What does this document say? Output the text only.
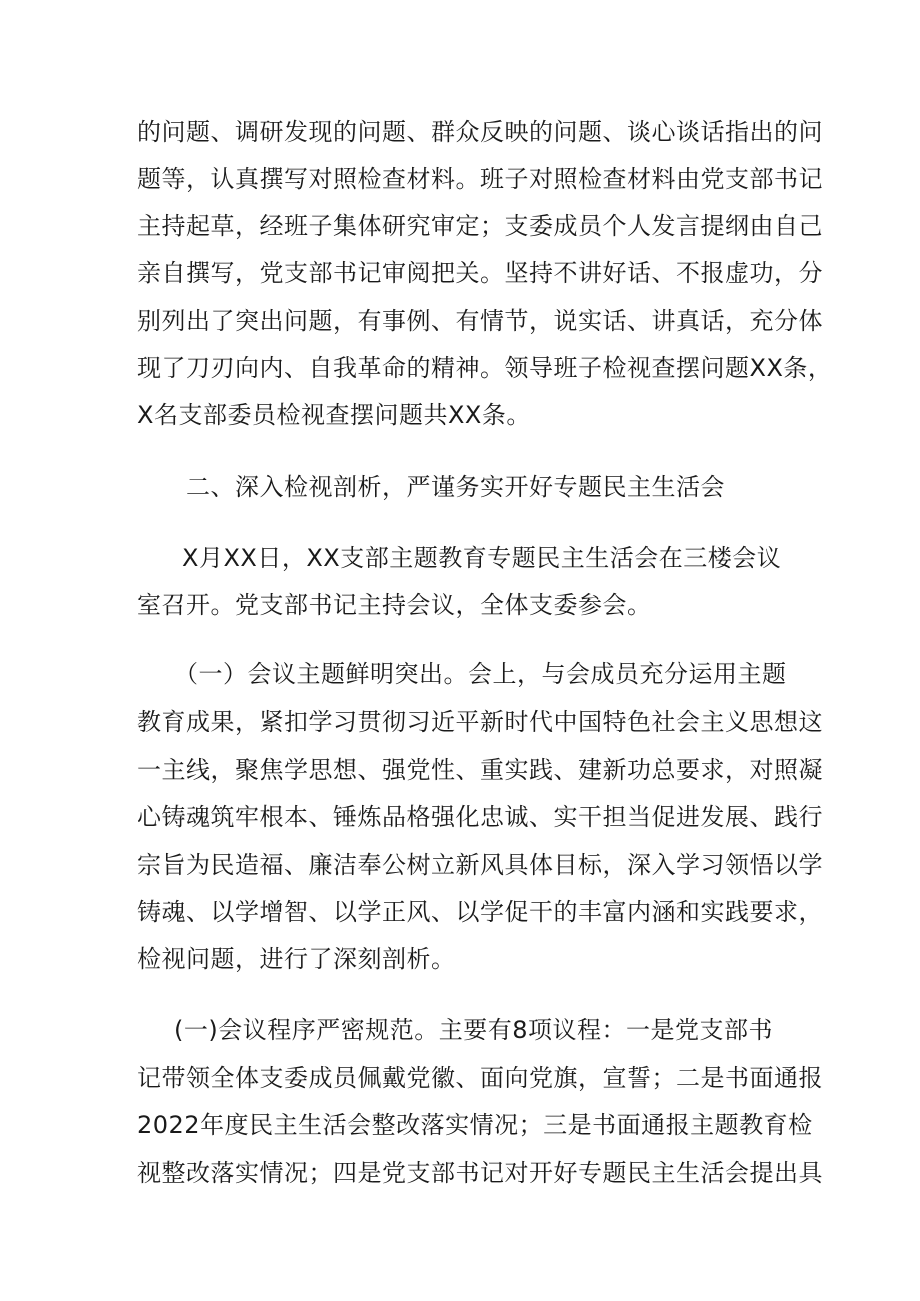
的问题、调研发现的问题、群众反映的问题、谈心谈话指出的问
题等，认真撰写对照检查材料。班子对照检查材料由党支部书记
主持起草，经班子集体研究审定；支委成员个人发言提纲由自己
亲自撰写，党支部书记审阅把关。坚持不讲好话、不报虚功，分
别列出了突出问题，有事例、有情节，说实话、讲真话，充分体
现了刀刃向内、自我革命的精神。领导班子检视查摆问题XX条，
X名支部委员检视查摆问题共XX条。
二、深入检视剖析，严谨务实开好专题民主生活会
X月XX日，XX支部主题教育专题民主生活会在三楼会议
室召开。党支部书记主持会议，全体支委参会。
（一）会议主题鲜明突出。会上，与会成员充分运用主题
教育成果，紧扣学习贯彻习近平新时代中国特色社会主义思想这
一主线，聚焦学思想、强党性、重实践、建新功总要求，对照凝
心铸魂筑牢根本、锤炼品格强化忠诚、实干担当促进发展、践行
宗旨为民造福、廉洁奉公树立新风具体目标，深入学习领悟以学
铸魂、以学增智、以学正风、以学促干的丰富内涵和实践要求，
检视问题，进行了深刻剖析。
(一)会议程序严密规范。主要有8项议程：一是党支部书
记带领全体支委成员佩戴党徽、面向党旗，宣誓；二是书面通报
2022年度民主生活会整改落实情况；三是书面通报主题教育检
视整改落实情况；四是党支部书记对开好专题民主生活会提出具
